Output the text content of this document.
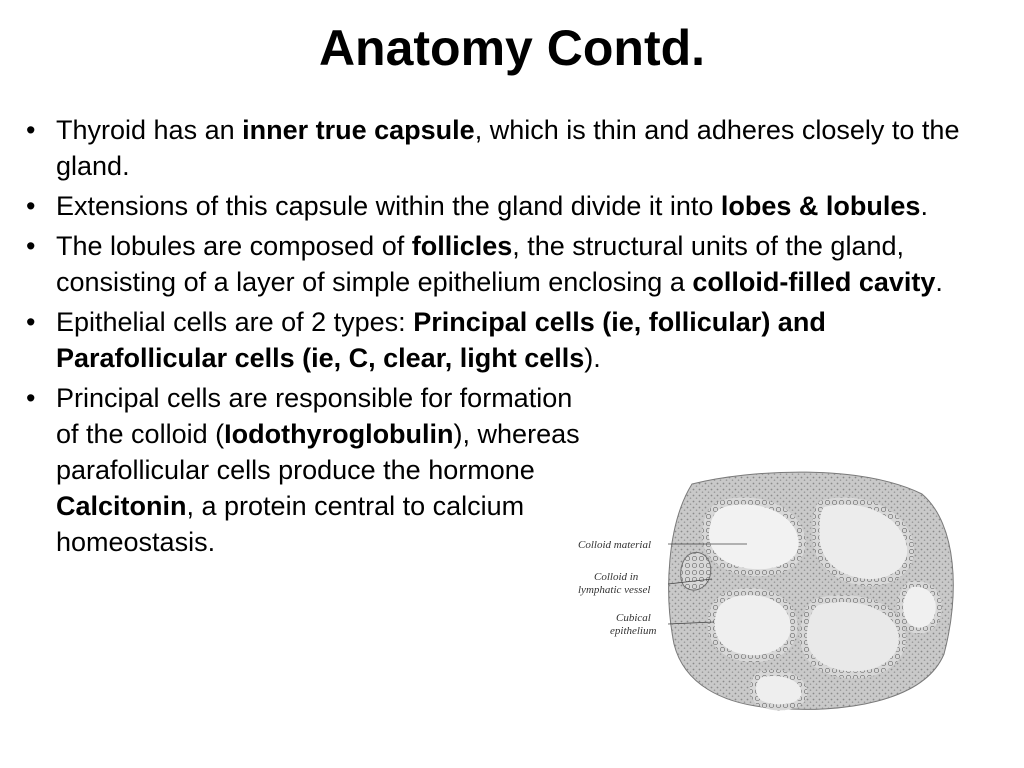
Anatomy Contd.
• Thyroid has an inner true capsule, which is thin and adheres closely to the gland.
• Extensions of this capsule within the gland divide it into lobes & lobules.
• The lobules are composed of follicles, the structural units of the gland, consisting of a layer of simple epithelium enclosing a colloid-filled cavity.
• Epithelial cells are of 2 types: Principal cells (ie, follicular) and Parafollicular cells (ie, C, clear, light cells).
• Principal cells are responsible for formation of the colloid (Iodothyroglobulin), whereas parafollicular cells produce the hormone Calcitonin, a protein central to calcium homeostasis.	Colloid material
Colloid in
lymphatic vessel
Cubical
epithelium
